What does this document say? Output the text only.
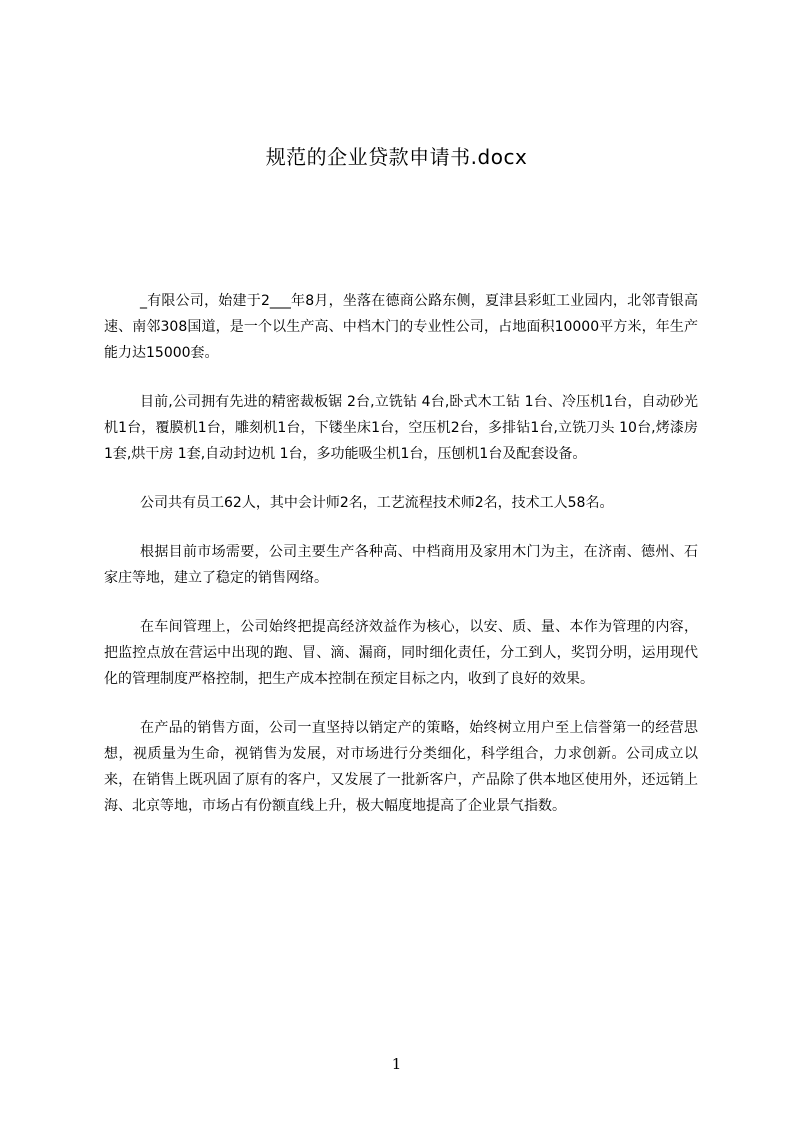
规范的企业贷款申请书.docx

_有限公司，始建于2___年8月，坐落在德商公路东侧，夏津县彩虹工业园内，北邻青银高速、南邻308国道，是一个以生产高、中档木门的专业性公司，占地面积10000平方米，年生产能力达15000套。

目前,公司拥有先进的精密裁板锯 2台,立铣钻 4台,卧式木工钻 1台、冷压机1台，自动砂光机1台，覆膜机1台，雕刻机1台，下镂坐床1台，空压机2台，多排钻1台,立铣刀头 10台,烤漆房 1套,烘干房 1套,自动封边机 1台，多功能吸尘机1台，压刨机1台及配套设备。

公司共有员工62人，其中会计师2名，工艺流程技术师2名，技术工人58名。

根据目前市场需要，公司主要生产各种高、中档商用及家用木门为主，在济南、德州、石家庄等地，建立了稳定的销售网络。

在车间管理上，公司始终把提高经济效益作为核心，以安、质、量、本作为管理的内容，把监控点放在营运中出现的跑、冒、滴、漏商，同时细化责任，分工到人，奖罚分明，运用现代化的管理制度严格控制，把生产成本控制在预定目标之内，收到了良好的效果。

在产品的销售方面，公司一直坚持以销定产的策略，始终树立用户至上信誉第一的经营思想，视质量为生命，视销售为发展，对市场进行分类细化，科学组合，力求创新。公司成立以来，在销售上既巩固了原有的客户，又发展了一批新客户，产品除了供本地区使用外，还远销上海、北京等地，市场占有份额直线上升，极大幅度地提高了企业景气指数。

1
